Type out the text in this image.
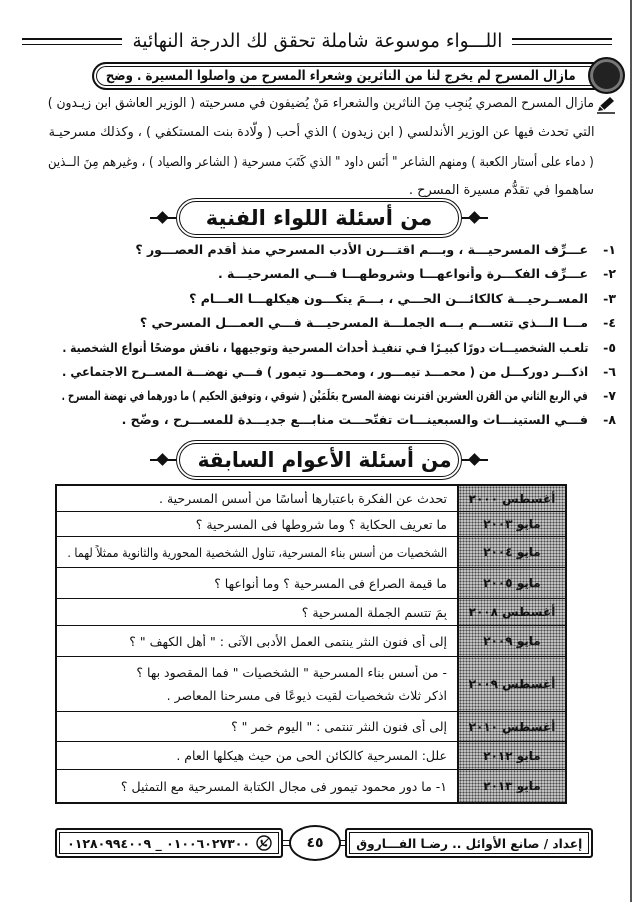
اللـــواء موسوعة شاملة تحقق لك الدرجة النهائية
مازال المسرح لم يخرج لنا من الناثرين وشعراء المسرح من واصلوا المسيرة . وضح
مازال المسرح المصري يُنجِب مِنَ الناثرين والشعراء مَنْ يُضيفون في مسرحيته ( الوزير العاشق ابن زيـدون )
التي تحدث فيها عن الوزير الأندلسي ( ابن زيدون ) الذي أحب ( ولّادة بنت المستكفي ) ، وكذلك مسرحيـة
( دماء على أستار الكعبة ) ومنهم الشاعر " أنَس داود " الذي كَتَبَ مسرحية ( الشاعر والصياد ) ، وغيرهم مِنَ الــذين
ساهموا في تقدُّم مسيرة المسرح .
من أسئلة اللواء الفنية
١-
عـــرِّف المسرحيـــة ، وبـــم اقتـــرن الأدب المسرحي منذ أقدم العصـــور ؟
٢-
عـــرِّف الفكـــرة وأنواعهـــا وشروطهـــا فـــي المسرحيـــة .
٣-
المســرحيـــة كالكائـــن الحـــي ، بـــمَ يتكـــون هيكلهـــا العـــام ؟
٤-
مـــا الـــذي تتســـم بـــه الجملـــة المسرحيـــة فـــي العمـــل المسرحي ؟
٥-
تلعـب الشخصيـــات دورًا كبيـرًا فـي تنفيـذ أحداث المسرحية وتوجيهها ، ناقش موضحًا أنواع الشخصية .
٦-
اذكـــر دوركـــل من ( محمـــد تيمـــور ، ومحمـــود تيمور ) فـــي نهضـــة المســرح الاجتماعي .
٧-
في الربع الثاني من القرن العشرين اقترنت نهضة المسرح بعَلَمَيْنِ ( شوقي ، وتوفيق الحكيم ) ما دورهما في نهضة المسرح .
٨-
فـــي الستينـــات والسبعينـــات تفتّحـــت منابـــع جديـــدة للمســـرح ، وضّح .
من أسئلة الأعوام السابقة
أغسطس ٢٠٠٠
تحدث عن الفكرة باعتبارها أساسًا من أسس المسرحية .
مايو ٢٠٠٣
ما تعريف الحكاية ؟ وما شروطها فى المسرحية ؟
مايو ٢٠٠٤
الشخصيات من أسس بناء المسرحية، تناول الشخصية المحورية والثانوية ممثلاً لهما .
مايو ٢٠٠٥
ما قيمة الصراع فى المسرحية ؟ وما أنواعها ؟
أغسطس ٢٠٠٨
بِمَ تتسم الجملة المسرحية ؟
مايو ٢٠٠٩
إلى أى فنون النثر ينتمى العمل الأدبى الآتى : " أهل الكهف " ؟
أغسطس ٢٠٠٩
- من أسس بناء المسرحية " الشخصيات " فما المقصود بها ؟
اذكر ثلاث شخصيات لقيت ذيوعًا فى مسرحنا المعاصر .
أغسطس ٢٠١٠
إلى أى فنون النثر تنتمى : " اليوم خمر " ؟
مايو ٢٠١٢
علل: المسرحية كالكائن الحى من حيث هيكلها العام .
مايو ٢٠١٣
١- ما دور محمود تيمور فى مجال الكتابة المسرحية مع التمثيل ؟
إعداد / صانع الأوائل .. رضـا الفـــاروق
٤٥
٠١٠٠٦٠٢٧٣٠٠ _ ٠١٢٨٠٩٩٤٠٠٩
